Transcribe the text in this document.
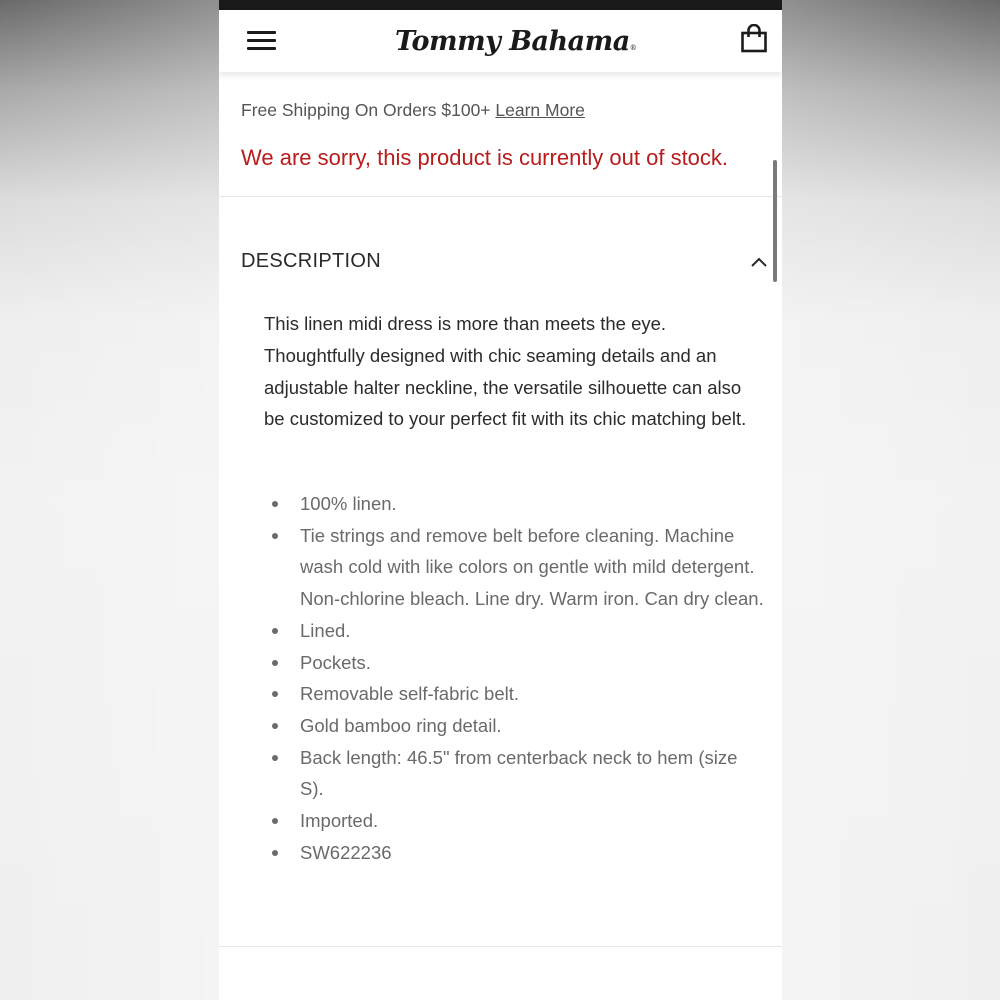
Tommy Bahama®
Free Shipping On Orders $100+ Learn More
We are sorry, this product is currently out of stock.
DESCRIPTION

This linen midi dress is more than meets the eye. Thoughtfully designed with chic seaming details and an adjustable halter neckline, the versatile silhouette can also be customized to your perfect fit with its chic matching belt.

100% linen.
Tie strings and remove belt before cleaning. Machine wash cold with like colors on gentle with mild detergent. Non-chlorine bleach. Line dry. Warm iron. Can dry clean.
Lined.
Pockets.
Removable self-fabric belt.
Gold bamboo ring detail.
Back length: 46.5" from centerback neck to hem (size S).
Imported.
SW622236
